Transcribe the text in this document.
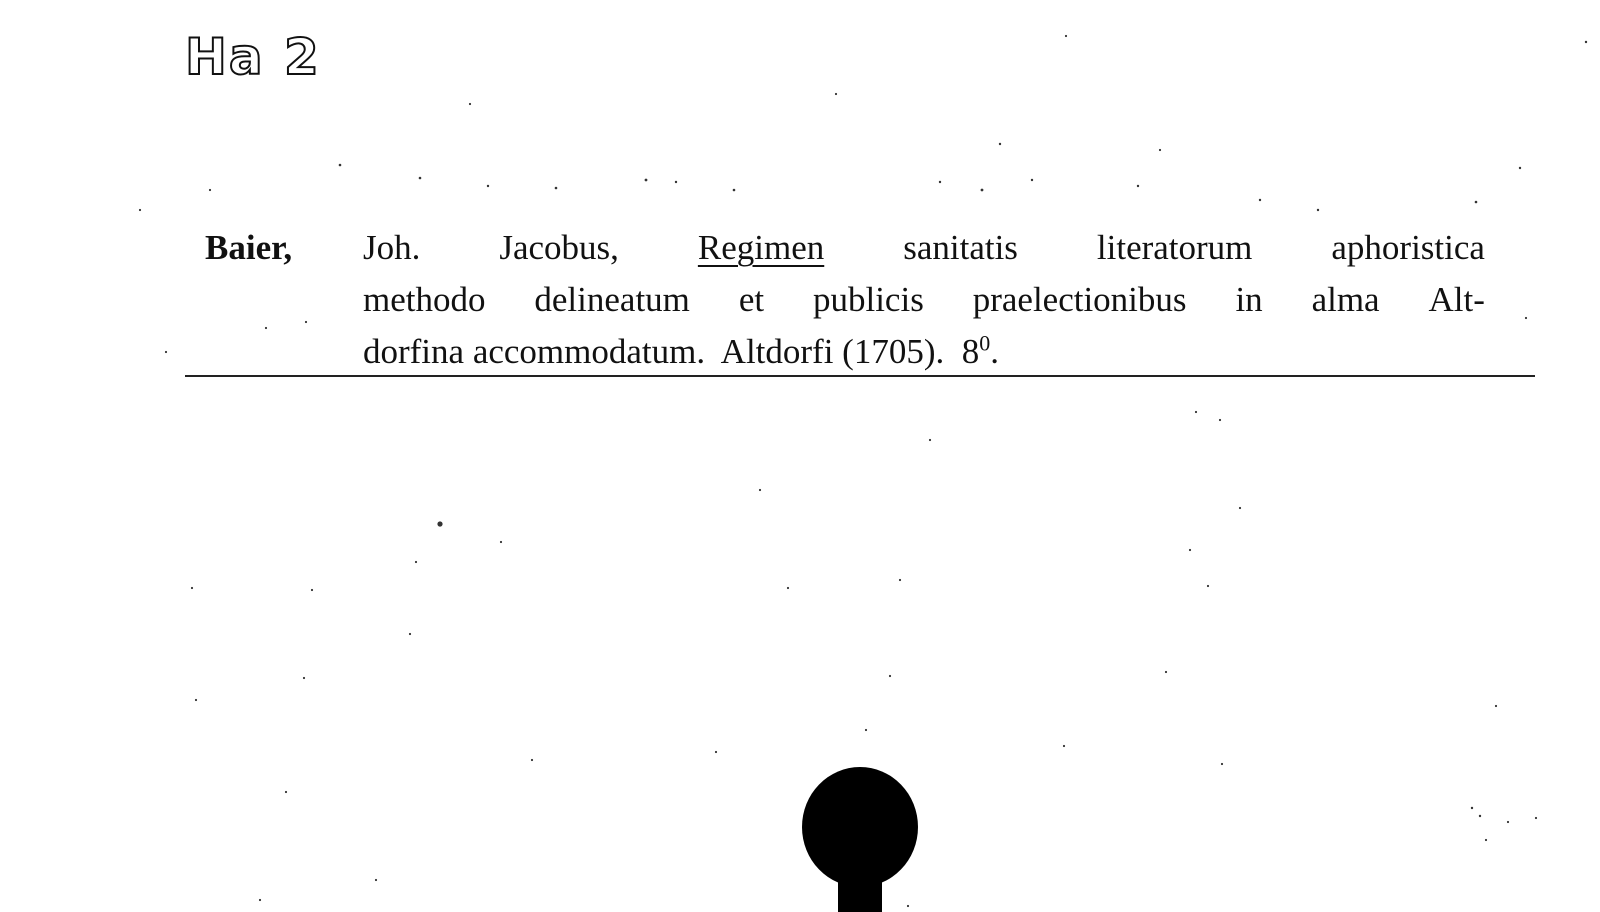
Ha 2
Baier,	Joh. Jacobus, Regimen sanitatis literatorum aphoristica
methodo delineatum et publicis praelectionibus in alma Alt-
dorfina accommodatum.  Altdorfi (1705).  $8^0$.
